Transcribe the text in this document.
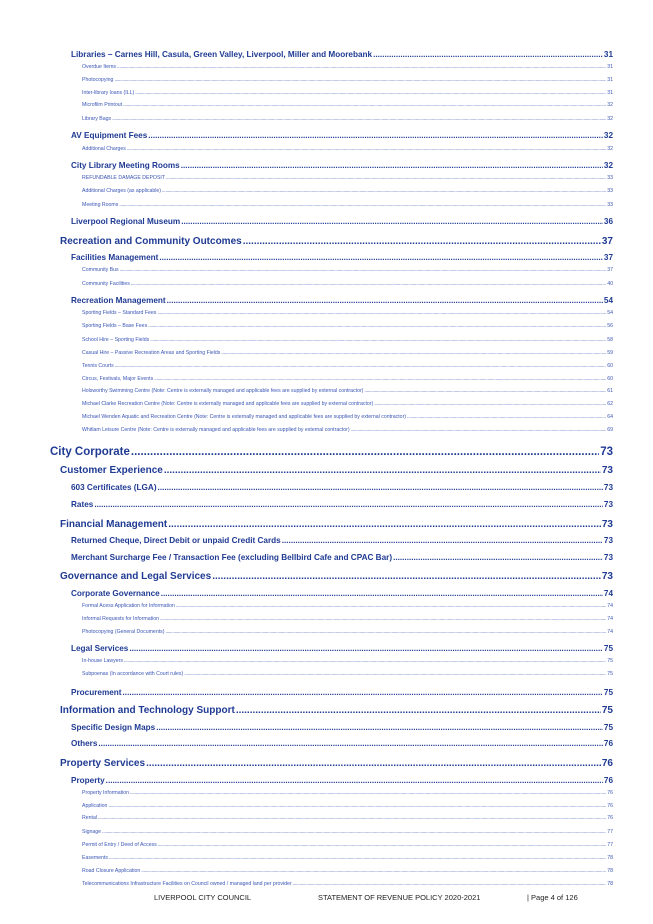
Libraries – Carnes Hill, Casula, Green Valley, Liverpool, Miller and Moorebank .....	31
Overdue Items .....	31
Photocopying .....	31
Inter-library loans (ILL) .....	31
Microfilm Printout .....	32
Library Bags .....	32
AV Equipment Fees .....	32
Additional Charges .....	32
City Library Meeting Rooms .....	32
REFUNDABLE DAMAGE DEPOSIT .....	33
Additional Charges (as applicable) .....	33
Meeting Rooms .....	33
Liverpool Regional Museum .....	36
Recreation and Community Outcomes .....	37
Facilities Management .....	37
Community Bus .....	37
Community Facilities .....	40
Recreation Management .....	54
Sporting Fields – Standard Fees .....	54
Sporting Fields – Base Fees .....	56
School Hire – Sporting Fields .....	58
Casual Hire – Passive Recreation Areas and Sporting Fields .....	59
Tennis Courts .....	60
Circus, Festivals, Major Events .....	60
Holsworthy Swimming Centre (Note: Centre is externally managed and applicable fees are supplied by external contractor) .....	61
Michael Clarke Recreation Centre (Note: Centre is externally managed and applicable fees are supplied by external contractor) .....	62
Michael Wenden Aquatic and Recreation Centre (Note: Centre is externally managed and applicable fees are supplied by external contractor) .....	64
Whitlam Leisure Centre (Note: Centre is externally managed and applicable fees are supplied by external contractor) .....	69
City Corporate .....	73
Customer Experience .....	73
603 Certificates (LGA) .....	73
Rates .....	73
Financial Management .....	73
Returned Cheque, Direct Debit or unpaid Credit Cards .....	73
Merchant Surcharge Fee / Transaction Fee (excluding Bellbird Cafe and CPAC Bar) .....	73
Governance and Legal Services .....	73
Corporate Governance .....	74
Formal Acess Application for Information .....	74
Informal Requests for Information .....	74
Photocopying (General Documents) .....	74
Legal Services .....	75
In-house Lawyers .....	75
Subpoenas (In accordance with Court rules) .....	75
Procurement .....	75
Information and Technology Support .....	75
Specific Design Maps .....	75
Others .....	76
Property Services .....	76
Property .....	76
Property Information .....	76
Application .....	76
Rental .....	76
Signage .....	77
Permit of Entry / Deed of Access .....	77
Easements .....	78
Road Closure Application .....	78
Telecommunications Infrastructure Facilities on Council owned / managed land per provider .....	78
LIVERPOOL CITY COUNCIL	STATEMENT OF REVENUE POLICY 2020-2021	| Page 4 of 126
